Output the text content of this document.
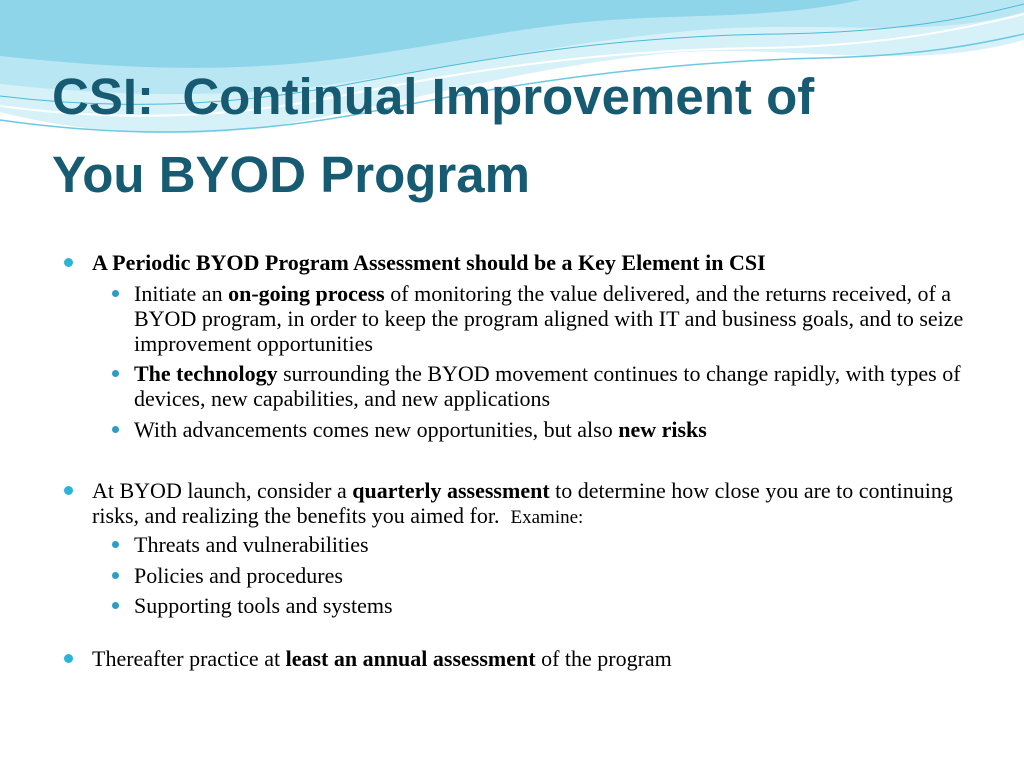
CSI: Continual Improvement of
You BYOD Program
A Periodic BYOD Program Assessment should be a Key Element in CSI
Initiate an on-going process of monitoring the value delivered, and the returns received, of a BYOD program, in order to keep the program aligned with IT and business goals, and to seize improvement opportunities
The technology surrounding the BYOD movement continues to change rapidly, with types of devices, new capabilities, and new applications
With advancements comes new opportunities, but also new risks
At BYOD launch, consider a quarterly assessment to determine how close you are to continuing risks, and realizing the benefits you aimed for. Examine:
Threats and vulnerabilities
Policies and procedures
Supporting tools and systems
Thereafter practice at least an annual assessment of the program
